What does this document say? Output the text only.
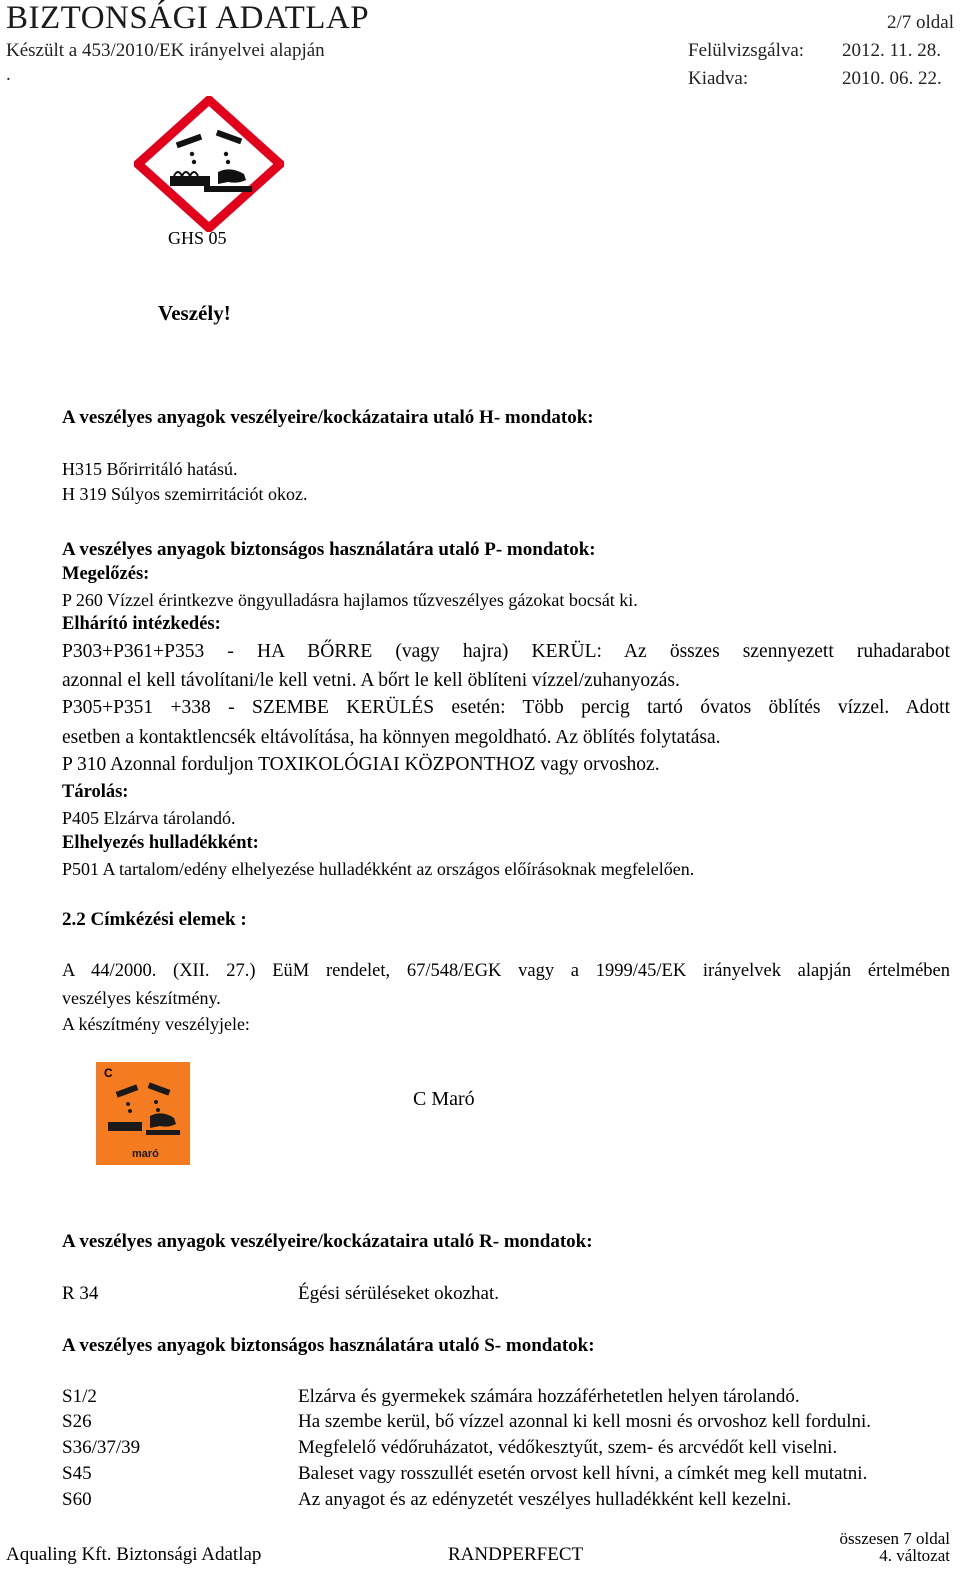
BIZTONSÁGI ADATLAP
Készült a 453/2010/EK irányelvei alapján
.
2/7 oldal
Felülvizsgálva: 2012. 11. 28.
Kiadva:	2010. 06. 22.
GHS 05
Veszély!
A veszélyes anyagok veszélyeire/kockázataira utaló H- mondatok:
H315 Bőrirritáló hatású.
H 319 Súlyos szemirritációt okoz.
A veszélyes anyagok biztonságos használatára utaló P- mondatok:
Megelőzés:
P 260 Vízzel érintkezve öngyulladásra hajlamos tűzveszélyes gázokat bocsát ki.
Elhárító intézkedés:
P303+P361+P353 - HA BŐRRE (vagy hajra) KERÜL: Az összes szennyezett ruhadarabot
azonnal el kell távolítani/le kell vetni. A bőrt le kell öblíteni vízzel/zuhanyozás.
P305+P351 +338 - SZEMBE KERÜLÉS esetén: Több percig tartó óvatos öblítés vízzel. Adott
esetben a kontaktlencsék eltávolítása, ha könnyen megoldható. Az öblítés folytatása.
P 310 Azonnal forduljon TOXIKOLÓGIAI KÖZPONTHOZ vagy orvoshoz.
Tárolás:
P405 Elzárva tárolandó.
Elhelyezés hulladékként:
P501 A tartalom/edény elhelyezése hulladékként az országos előírásoknak megfelelően.
2.2 Címkézési elemek :
A 44/2000. (XII. 27.) EüM rendelet, 67/548/EGK vagy a 1999/45/EK irányelvek alapján értelmében
veszélyes készítmény.
A készítmény veszélyjele:
C
maró
C Maró
A veszélyes anyagok veszélyeire/kockázataira utaló R- mondatok:
R 34	Égési sérüléseket okozhat.
A veszélyes anyagok biztonságos használatára utaló S- mondatok:
S1/2	Elzárva és gyermekek számára hozzáférhetetlen helyen tárolandó.
S26	Ha szembe kerül, bő vízzel azonnal ki kell mosni és orvoshoz kell fordulni.
S36/37/39	Megfelelő védőruházatot, védőkesztyűt, szem- és arcvédőt kell viselni.
S45	Baleset vagy rosszullét esetén orvost kell hívni, a címkét meg kell mutatni.
S60	Az anyagot és az edényzetét veszélyes hulladékként kell kezelni.
összesen 7 oldal
Aqualing Kft. Biztonsági Adatlap	RANDPERFECT	4. változat
